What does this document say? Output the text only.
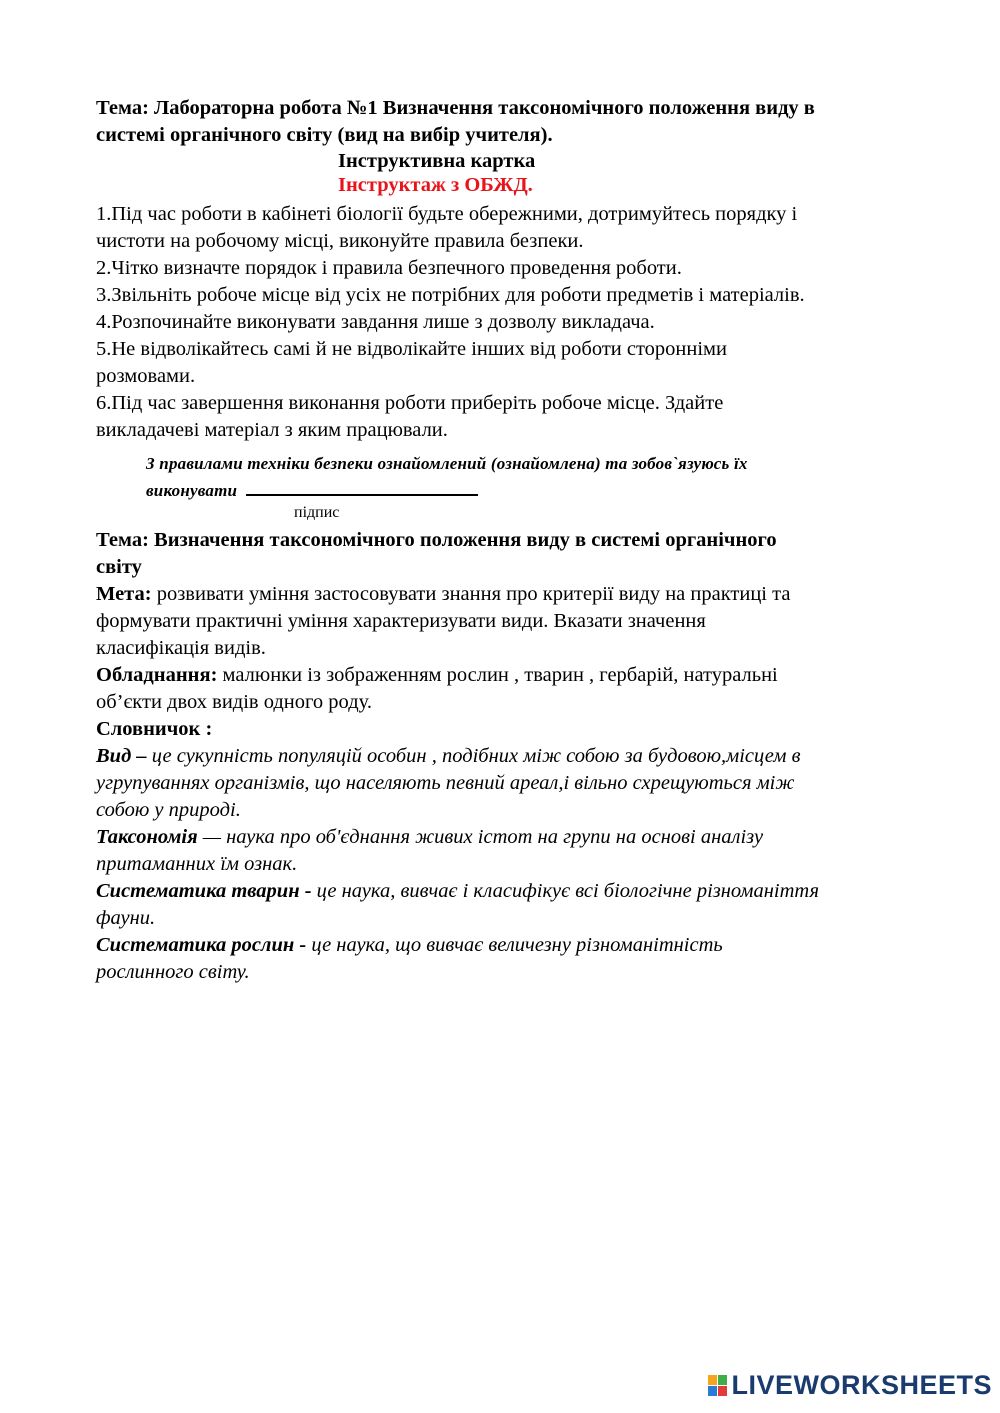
Тема: Лабораторна робота №1 Визначення таксономічного положення виду в

системі органічного світу (вид на вибір учителя).

Інструктивна картка

Інструктаж з ОБЖД.

1.Під час роботи в кабінеті біології будьте обережними, дотримуйтесь порядку і

чистоти на робочому місці, виконуйте правила безпеки.

2.Чітко визначте порядок і правила безпечного проведення роботи.

3.Звільніть робоче місце від усіх не потрібних для роботи предметів і матеріалів.

4.Розпочинайте виконувати завдання лише з дозволу викладача.

5.Не відволікайтесь самі й не відволікайте інших від роботи сторонніми

розмовами.

6.Під час завершення виконання роботи приберіть робоче місце. Здайте

викладачеві матеріал з яким працювали.

З правилами техніки безпеки ознайомлений (ознайомлена) та зобов`язуюсь їх
виконувати

підпис

Тема: Визначення таксономічного положення виду в системі органічного

світу

Мета: розвивати уміння застосовувати знання про критерії виду на практиці та

формувати практичні уміння характеризувати види. Вказати значення

класифікація видів.

Обладнання: малюнки із зображенням рослин , тварин , гербарій, натуральні

об’єкти двох видів одного роду.

Словничок :

Вид – це сукупність популяцій особин , подібних між собою за будовою,місцем в

угрупуваннях організмів, що населяють певний ареал,і вільно схрещуються між

собою у природі.

Таксономія — наука про об'єднання живих істот на групи на основі аналізу

притаманних їм ознак.

Систематика тварин - це наука, вивчає і класифікує всі біологічне різноманіття

фауни.

Систематика рослин - це наука, що вивчає величезну різноманітність

рослинного світу.

LIVEWORKSHEETS
